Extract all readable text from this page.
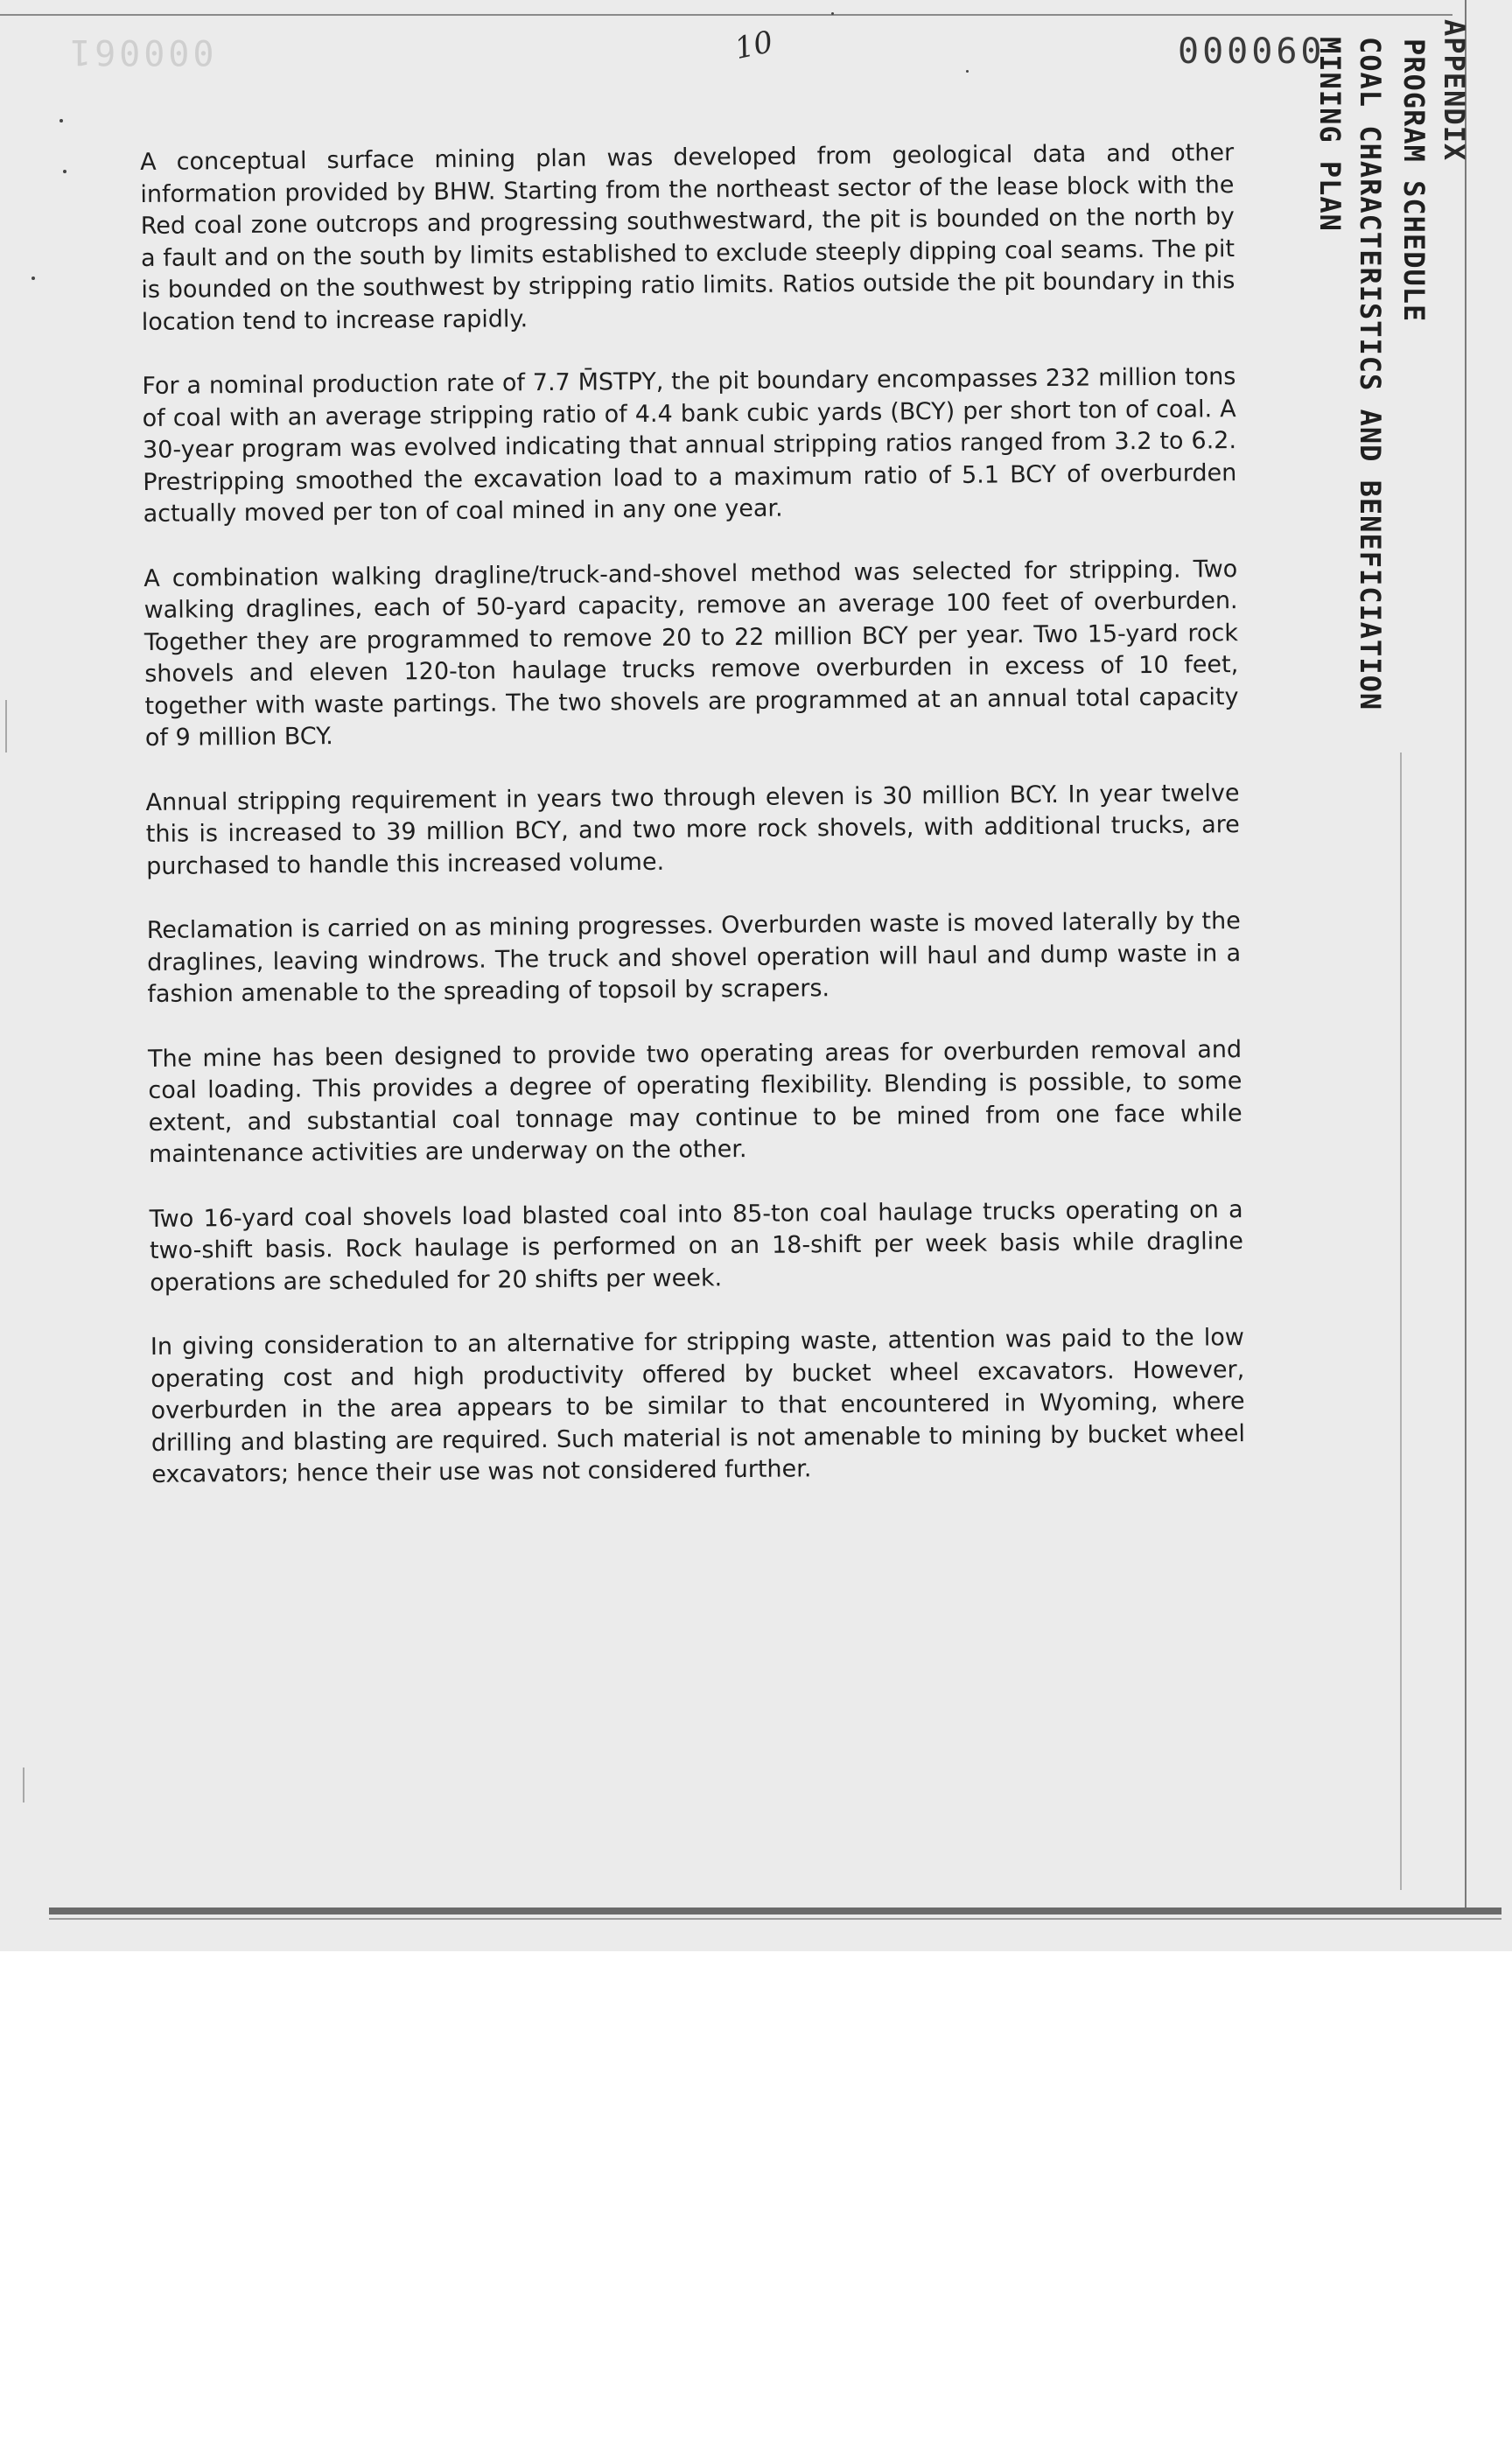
000061	10	000060

A conceptual surface mining plan was developed from geological data and other information provided by BHW. Starting from the northeast sector of the lease block with the Red coal zone outcrops and progressing southwestward, the pit is bounded on the north by a fault and on the south by limits established to exclude steeply dipping coal seams. The pit is bounded on the southwest by stripping ratio limits. Ratios outside the pit boundary in this location tend to increase rapidly.

For a nominal production rate of 7.7 M̄STPY, the pit boundary encompasses 232 million tons of coal with an average stripping ratio of 4.4 bank cubic yards (BCY) per short ton of coal. A 30-year program was evolved indicating that annual stripping ratios ranged from 3.2 to 6.2. Prestripping smoothed the excavation load to a maximum ratio of 5.1 BCY of overburden actually moved per ton of coal mined in any one year.

A combination walking dragline/truck-and-shovel method was selected for stripping. Two walking draglines, each of 50-yard capacity, remove an average 100 feet of overburden. Together they are programmed to remove 20 to 22 million BCY per year. Two 15-yard rock shovels and eleven 120-ton haulage trucks remove overburden in excess of 10 feet, together with waste partings. The two shovels are programmed at an annual total capacity of 9 million BCY.

Annual stripping requirement in years two through eleven is 30 million BCY. In year twelve this is increased to 39 million BCY, and two more rock shovels, with additional trucks, are purchased to handle this increased volume.

Reclamation is carried on as mining progresses. Overburden waste is moved laterally by the draglines, leaving windrows. The truck and shovel operation will haul and dump waste in a fashion amenable to the spreading of topsoil by scrapers.

The mine has been designed to provide two operating areas for overburden removal and coal loading. This provides a degree of operating flexibility. Blending is possible, to some extent, and substantial coal tonnage may continue to be mined from one face while maintenance activities are underway on the other.

Two 16-yard coal shovels load blasted coal into 85-ton coal haulage trucks operating on a two-shift basis. Rock haulage is performed on an 18-shift per week basis while dragline operations are scheduled for 20 shifts per week.

In giving consideration to an alternative for stripping waste, attention was paid to the low operating cost and high productivity offered by bucket wheel excavators. However, overburden in the area appears to be similar to that encountered in Wyoming, where drilling and blasting are required. Such material is not amenable to mining by bucket wheel excavators; hence their use was not considered further.

MINING PLAN COAL CHARACTERISTICS AND BENEFICIATION PROGRAM SCHEDULE APPENDIX
